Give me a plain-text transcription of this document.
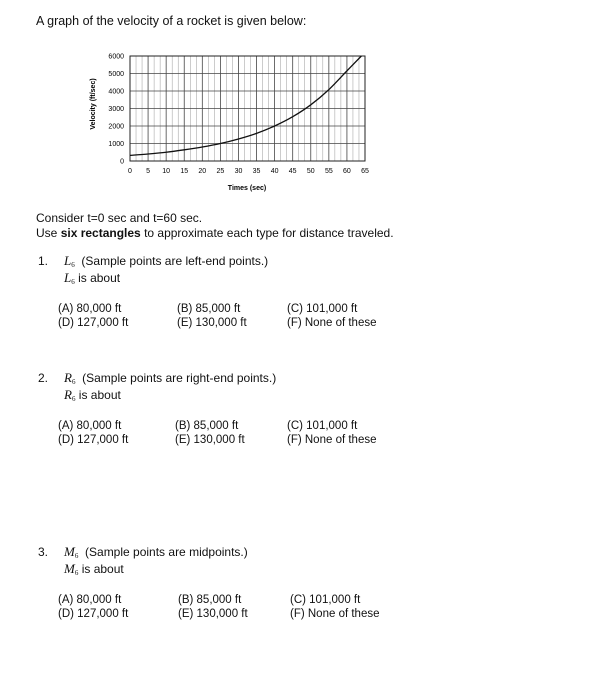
A graph of the velocity of a rocket is given below:
0 5 10 15 20 25 30 35 40 45 50 55 60 65
0
1000
2000
3000
4000
5000
6000
Velocity (ft/sec)
Times (sec)
Consider t=0 sec and t=60 sec.
Use six rectangles to approximate each type for distance traveled.
1. $L_6$ (Sample points are left-end points.)
$L_6$ is about
(A) 80,000 ft	(B) 85,000 ft	(C) 101,000 ft
(D) 127,000 ft	(E) 130,000 ft	(F) None of these
2. $R_6$ (Sample points are right-end points.)
$R_6$ is about
(A) 80,000 ft	(B) 85,000 ft	(C) 101,000 ft
(D) 127,000 ft	(E) 130,000 ft	(F) None of these
3. $M_6$ (Sample points are midpoints.)
$M_6$ is about
(A) 80,000 ft	(B) 85,000 ft	(C) 101,000 ft
(D) 127,000 ft	(E) 130,000 ft	(F) None of these
